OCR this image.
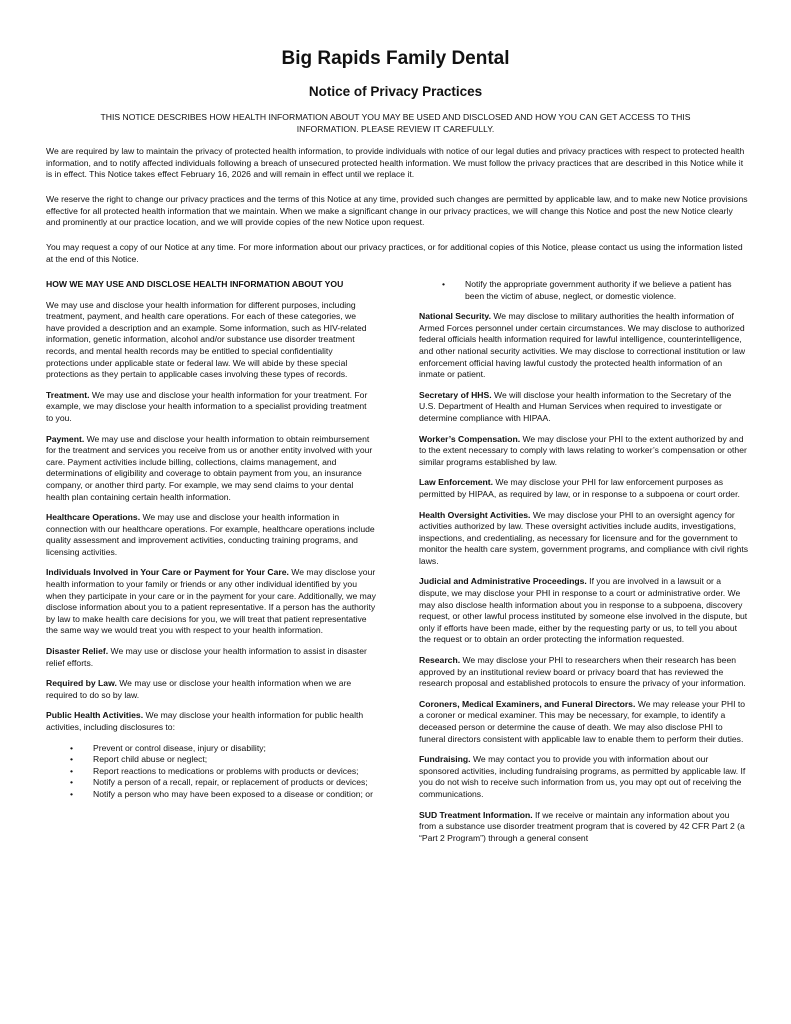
Big Rapids Family Dental
Notice of Privacy Practices

THIS NOTICE DESCRIBES HOW HEALTH INFORMATION ABOUT YOU MAY BE USED AND DISCLOSED AND HOW YOU CAN GET ACCESS TO THIS INFORMATION. PLEASE REVIEW IT CAREFULLY.

We are required by law to maintain the privacy of protected health information, to provide individuals with notice of our legal duties and privacy practices with respect to protected health information, and to notify affected individuals following a breach of unsecured protected health information. We must follow the privacy practices that are described in this Notice while it is in effect. This Notice takes effect February 16, 2026 and will remain in effect until we replace it.

We reserve the right to change our privacy practices and the terms of this Notice at any time, provided such changes are permitted by applicable law, and to make new Notice provisions effective for all protected health information that we maintain. When we make a significant change in our privacy practices, we will change this Notice and post the new Notice clearly and prominently at our practice location, and we will provide copies of the new Notice upon request.

You may request a copy of our Notice at any time. For more information about our privacy practices, or for additional copies of this Notice, please contact us using the information listed at the end of this Notice.

HOW WE MAY USE AND DISCLOSE HEALTH INFORMATION ABOUT YOU

We may use and disclose your health information for different purposes, including treatment, payment, and health care operations. For each of these categories, we have provided a description and an example. Some information, such as HIV-related information, genetic information, alcohol and/or substance use disorder treatment records, and mental health records may be entitled to special confidentiality protections under applicable state or federal law. We will abide by these special protections as they pertain to applicable cases involving these types of records.

Treatment. We may use and disclose your health information for your treatment. For example, we may disclose your health information to a specialist providing treatment to you.

Payment. We may use and disclose your health information to obtain reimbursement for the treatment and services you receive from us or another entity involved with your care. Payment activities include billing, collections, claims management, and determinations of eligibility and coverage to obtain payment from you, an insurance company, or another third party. For example, we may send claims to your dental health plan containing certain health information.

Healthcare Operations. We may use and disclose your health information in connection with our healthcare operations. For example, healthcare operations include quality assessment and improvement activities, conducting training programs, and licensing activities.

Individuals Involved in Your Care or Payment for Your Care. We may disclose your health information to your family or friends or any other individual identified by you when they participate in your care or in the payment for your care. Additionally, we may disclose information about you to a patient representative. If a person has the authority by law to make health care decisions for you, we will treat that patient representative the same way we would treat you with respect to your health information.

Disaster Relief. We may use or disclose your health information to assist in disaster relief efforts.

Required by Law. We may use or disclose your health information when we are required to do so by law.

Public Health Activities. We may disclose your health information for public health activities, including disclosures to:

• Prevent or control disease, injury or disability;
• Report child abuse or neglect;
• Report reactions to medications or problems with products or devices;
• Notify a person of a recall, repair, or replacement of products or devices;
• Notify a person who may have been exposed to a disease or condition; or
• Notify the appropriate government authority if we believe a patient has been the victim of abuse, neglect, or domestic violence.

National Security. We may disclose to military authorities the health information of Armed Forces personnel under certain circumstances. We may disclose to authorized federal officials health information required for lawful intelligence, counterintelligence, and other national security activities. We may disclose to correctional institution or law enforcement official having lawful custody the protected health information of an inmate or patient.

Secretary of HHS. We will disclose your health information to the Secretary of the U.S. Department of Health and Human Services when required to investigate or determine compliance with HIPAA.

Worker’s Compensation. We may disclose your PHI to the extent authorized by and to the extent necessary to comply with laws relating to worker’s compensation or other similar programs established by law.

Law Enforcement. We may disclose your PHI for law enforcement purposes as permitted by HIPAA, as required by law, or in response to a subpoena or court order.

Health Oversight Activities. We may disclose your PHI to an oversight agency for activities authorized by law. These oversight activities include audits, investigations, inspections, and credentialing, as necessary for licensure and for the government to monitor the health care system, government programs, and compliance with civil rights laws.

Judicial and Administrative Proceedings. If you are involved in a lawsuit or a dispute, we may disclose your PHI in response to a court or administrative order. We may also disclose health information about you in response to a subpoena, discovery request, or other lawful process instituted by someone else involved in the dispute, but only if efforts have been made, either by the requesting party or us, to tell you about the request or to obtain an order protecting the information requested.

Research. We may disclose your PHI to researchers when their research has been approved by an institutional review board or privacy board that has reviewed the research proposal and established protocols to ensure the privacy of your information.

Coroners, Medical Examiners, and Funeral Directors. We may release your PHI to a coroner or medical examiner. This may be necessary, for example, to identify a deceased person or determine the cause of death. We may also disclose PHI to funeral directors consistent with applicable law to enable them to perform their duties.

Fundraising. We may contact you to provide you with information about our sponsored activities, including fundraising programs, as permitted by applicable law. If you do not wish to receive such information from us, you may opt out of receiving the communications.

SUD Treatment Information. If we receive or maintain any information about you from a substance use disorder treatment program that is covered by 42 CFR Part 2 (a “Part 2 Program”) through a general consent
